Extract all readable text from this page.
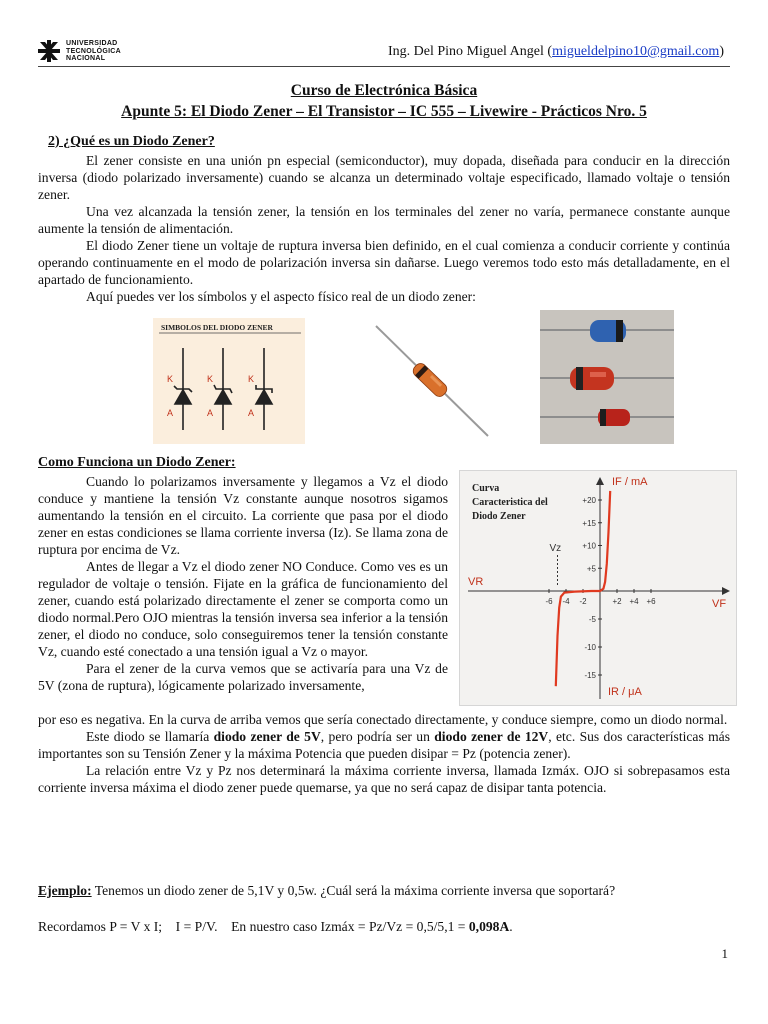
UNIVERSIDAD
TECNOLÓGICA
NACIONAL	Ing. Del Pino Miguel Angel (migueldelpino10@gmail.com)
Curso de Electrónica Básica
Apunte 5: El Diodo Zener – El Transistor – IC 555 – Livewire - Prácticos Nro. 5
2) ¿Qué es un Diodo Zener?

El zener consiste en una unión pn especial (semiconductor), muy dopada, diseñada para conducir en la dirección inversa (diodo polarizado inversamente) cuando se alcanza un determinado voltaje especificado, llamado voltaje o tensión zener.

Una vez alcanzada la tensión zener, la tensión en los terminales del zener no varía, permanece constante aunque aumente la tensión de alimentación.

El diodo Zener tiene un voltaje de ruptura inversa bien definido, en el cual comienza a conducir corriente y continúa operando continuamente en el modo de polarización inversa sin dañarse. Luego veremos todo esto más detalladamente, en el apartado de funcionamiento.

Aquí puedes ver los símbolos y el aspecto físico real de un diodo zener:

SIMBOLOS DEL DIODO ZENER
K
A
K
A
K
A
Como Funciona un Diodo Zener:

Cuando lo polarizamos inversamente y llegamos a Vz el diodo conduce y mantiene la tensión Vz constante aunque nosotros sigamos aumentando la tensión en el circuito. La corriente que pasa por el diodo zener en estas condiciones se llama corriente inversa (Iz). Se llama zona de ruptura por encima de Vz.

Antes de llegar a Vz el diodo zener NO Conduce. Como ves es un regulador de voltaje o tensión. Fijate en la gráfica de funcionamiento del zener, cuando está polarizado directamente el zener se comporta como un diodo normal.Pero OJO mientras la tensión inversa sea inferior a la tensión zener, el diodo no conduce, solo conseguiremos tener la tensión constante Vz, cuando esté conectado a una tensión igual a Vz o mayor.

Para el zener de la curva vemos que se activaría para una Vz de 5V (zona de ruptura), lógicamente polarizado inversamente,

por eso es negativa. En la curva de arriba vemos que sería conectado directamente, y conduce siempre, como un diodo normal.

Este diodo se llamaría diodo zener de 5V, pero podría ser un diodo zener de 12V, etc. Sus dos características más importantes son su Tensión Zener y la máxima Potencia que pueden disipar = Pz (potencia zener).

La relación entre Vz y Pz nos determinará la máxima corriente inversa, llamada Izmáx. OJO si sobrepasamos esta corriente inversa máxima el diodo zener puede quemarse, ya que no será capaz de disipar tanta potencia.

Curva
Caracteristica del
Diodo Zener
IF / mA
IR / μA
VR
VF
-6 -4 -2	+2 +4 +6
+20
+15
+10
+5
-5
-10
-15
Vz

Ejemplo: Tenemos un diodo zener de 5,1V y 0,5w. ¿Cuál será la máxima corriente inversa que soportará?

Recordamos P = V x I;    I = P/V.    En nuestro caso Izmáx = Pz/Vz = 0,5/5,1 = 0,098A.

1
